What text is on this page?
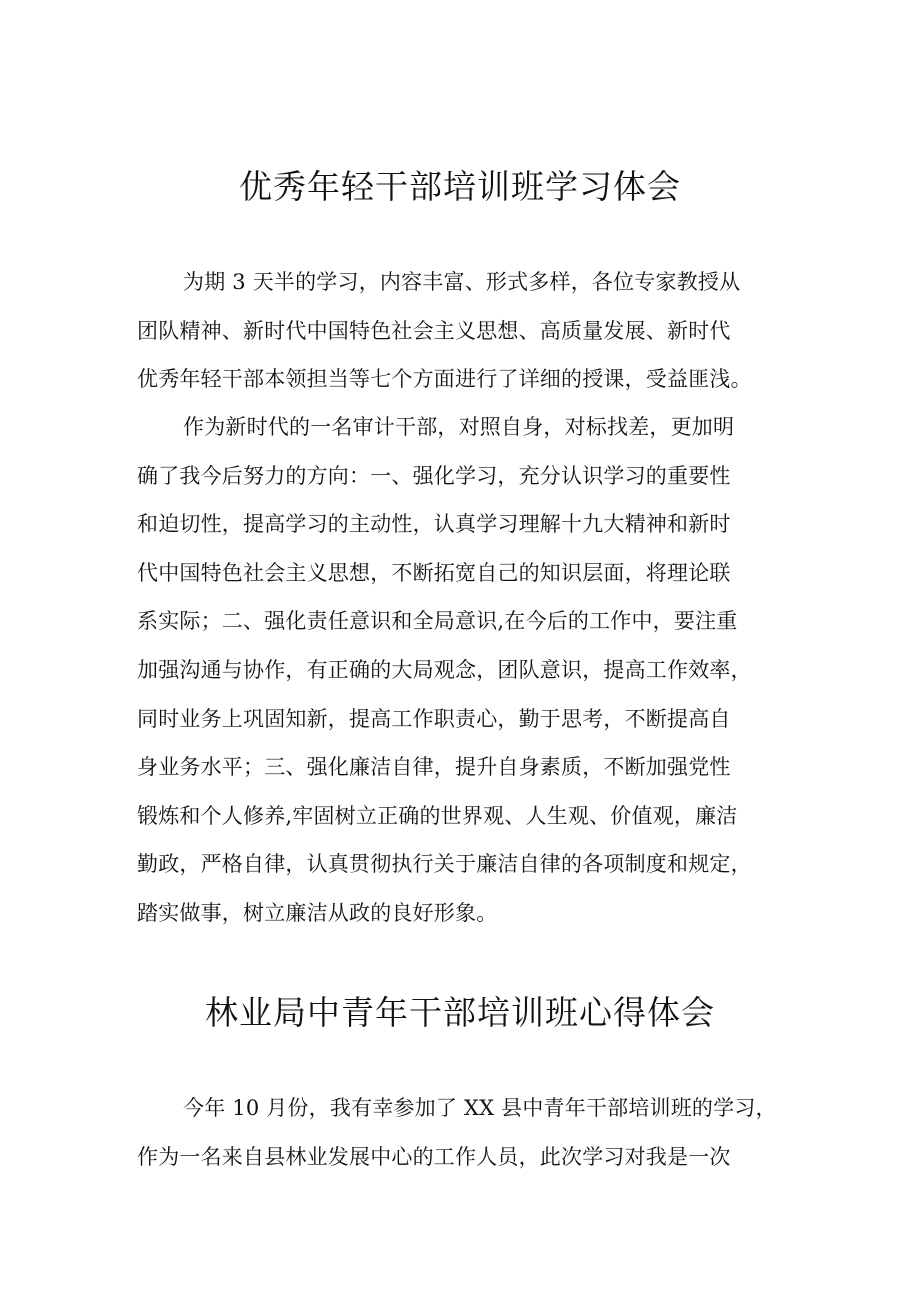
优秀年轻干部培训班学习体会
为期 3 天半的学习，内容丰富、形式多样，各位专家教授从
团队精神、新时代中国特色社会主义思想、高质量发展、新时代
优秀年轻干部本领担当等七个方面进行了详细的授课，受益匪浅。
作为新时代的一名审计干部，对照自身，对标找差，更加明
确了我今后努力的方向：一、强化学习，充分认识学习的重要性
和迫切性，提高学习的主动性，认真学习理解十九大精神和新时
代中国特色社会主义思想，不断拓宽自己的知识层面，将理论联
系实际；二、强化责任意识和全局意识,在今后的工作中，要注重
加强沟通与协作，有正确的大局观念，团队意识，提高工作效率，
同时业务上巩固知新，提高工作职责心，勤于思考，不断提高自
身业务水平；三、强化廉洁自律，提升自身素质，不断加强党性
锻炼和个人修养,牢固树立正确的世界观、人生观、价值观，廉洁
勤政，严格自律，认真贯彻执行关于廉洁自律的各项制度和规定，
踏实做事，树立廉洁从政的良好形象。
林业局中青年干部培训班心得体会
今年 10 月份，我有幸参加了 XX 县中青年干部培训班的学习，
作为一名来自县林业发展中心的工作人员，此次学习对我是一次
